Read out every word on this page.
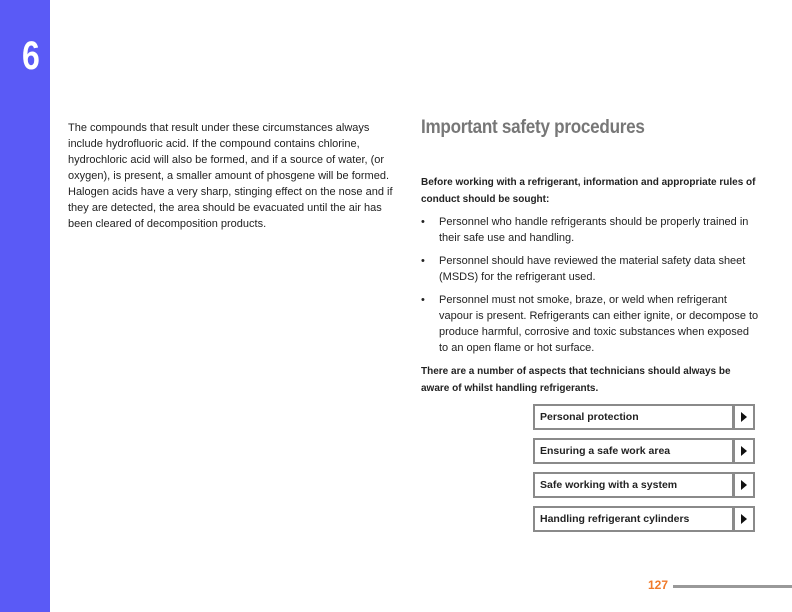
6
Safe Refrigerant Handling
The compounds that result under these circumstances always include hydrofluoric acid. If the compound contains chlorine, hydrochloric acid will also be formed, and if a source of water, (or oxygen), is present, a smaller amount of phosgene will be formed. Halogen acids have a very sharp, stinging effect on the nose and if they are detected, the area should be evacuated until the air has been cleared of decomposition products.
Important safety procedures

Before working with a refrigerant, information and appropriate rules of conduct should be sought:

• Personnel who handle refrigerants should be properly trained in their safe use and handling.
• Personnel should have reviewed the material safety data sheet (MSDS) for the refrigerant used.
• Personnel must not smoke, braze, or weld when refrigerant vapour is present. Refrigerants can either ignite, or decompose to produce harmful, corrosive and toxic substances when exposed to an open flame or hot surface.

There are a number of aspects that technicians should always be aware of whilst handling refrigerants.

Personal protection
Ensuring a safe work area
Safe working with a system
Handling refrigerant cylinders
127
